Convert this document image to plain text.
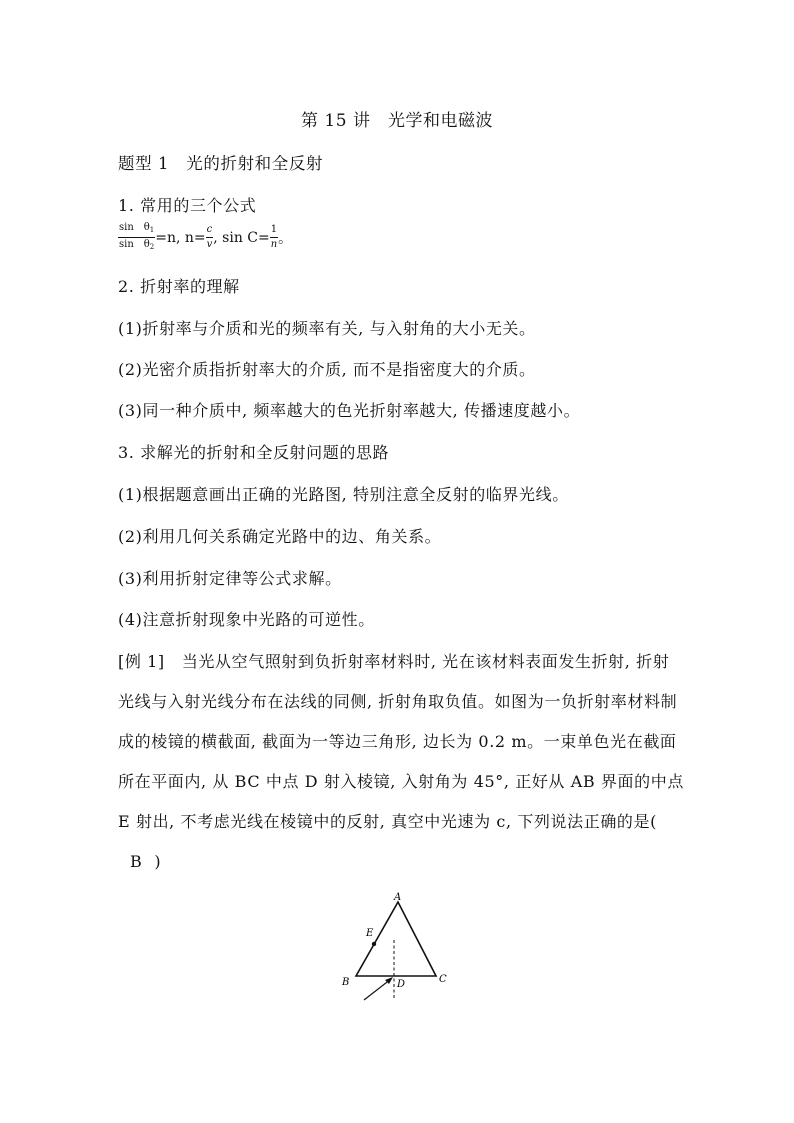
第 15 讲　光学和电磁波
题型 1　光的折射和全反射
1. 常用的三个公式
$\frac{\sin \theta_1}{\sin \theta_2} =n$, $n= \frac{c}{v}$ , $\sin C= \frac{1}{n}$ 。
2. 折射率的理解
(1)折射率与介质和光的频率有关, 与入射角的大小无关。
(2)光密介质指折射率大的介质, 而不是指密度大的介质。
(3)同一种介质中, 频率越大的色光折射率越大, 传播速度越小。
3. 求解光的折射和全反射问题的思路
(1)根据题意画出正确的光路图, 特别注意全反射的临界光线。
(2)利用几何关系确定光路中的边、角关系。
(3)利用折射定律等公式求解。
(4)注意折射现象中光路的可逆性。
[例 1] 当光从空气照射到负折射率材料时, 光在该材料表面发生折射, 折射光线与入射光线分布在法线的同侧, 折射角取负值。如图为一负折射率材料制成的棱镜的横截面, 截面为一等边三角形, 边长为 0.2 m。一束单色光在截面所在平面内, 从 BC 中点 D 射入棱镜, 入射角为 45°, 正好从 AB 界面的中点 E 射出, 不考虑光线在棱镜中的反射, 真空中光速为 c, 下列说法正确的是(B )
A
E
B	C
D
